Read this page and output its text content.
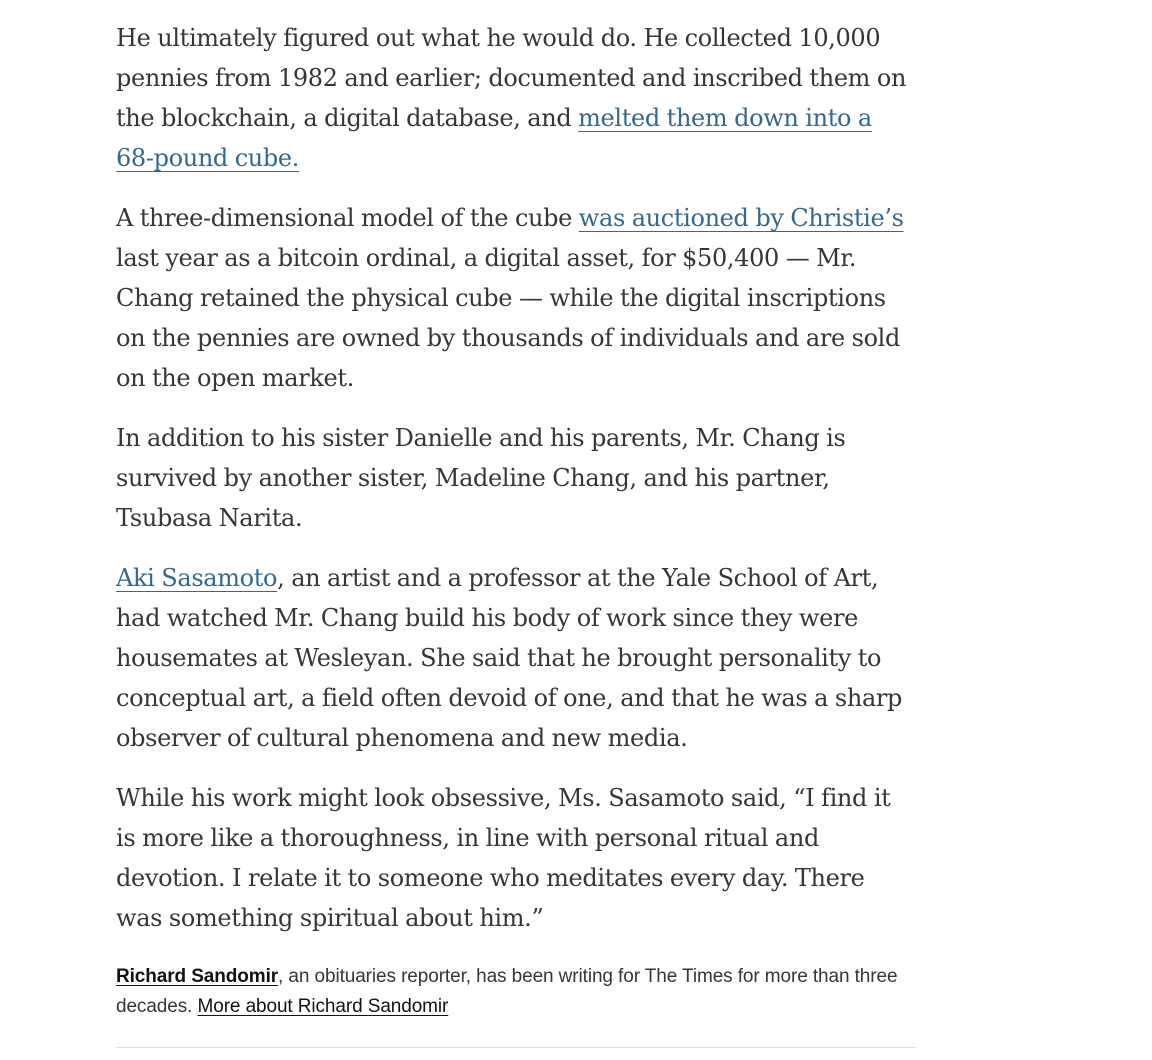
He ultimately figured out what he would do. He collected 10,000 pennies from 1982 and earlier; documented and inscribed them on the blockchain, a digital database, and melted them down into a 68-pound cube.

A three-dimensional model of the cube was auctioned by Christie’s last year as a bitcoin ordinal, a digital asset, for $50,400 — Mr. Chang retained the physical cube — while the digital inscriptions on the pennies are owned by thousands of individuals and are sold on the open market.

In addition to his sister Danielle and his parents, Mr. Chang is survived by another sister, Madeline Chang, and his partner, Tsubasa Narita.

Aki Sasamoto, an artist and a professor at the Yale School of Art, had watched Mr. Chang build his body of work since they were housemates at Wesleyan. She said that he brought personality to conceptual art, a field often devoid of one, and that he was a sharp observer of cultural phenomena and new media.

While his work might look obsessive, Ms. Sasamoto said, “I find it is more like a thoroughness, in line with personal ritual and devotion. I relate it to someone who meditates every day. There was something spiritual about him.”

Richard Sandomir, an obituaries reporter, has been writing for The Times for more than three decades. More about Richard Sandomir
